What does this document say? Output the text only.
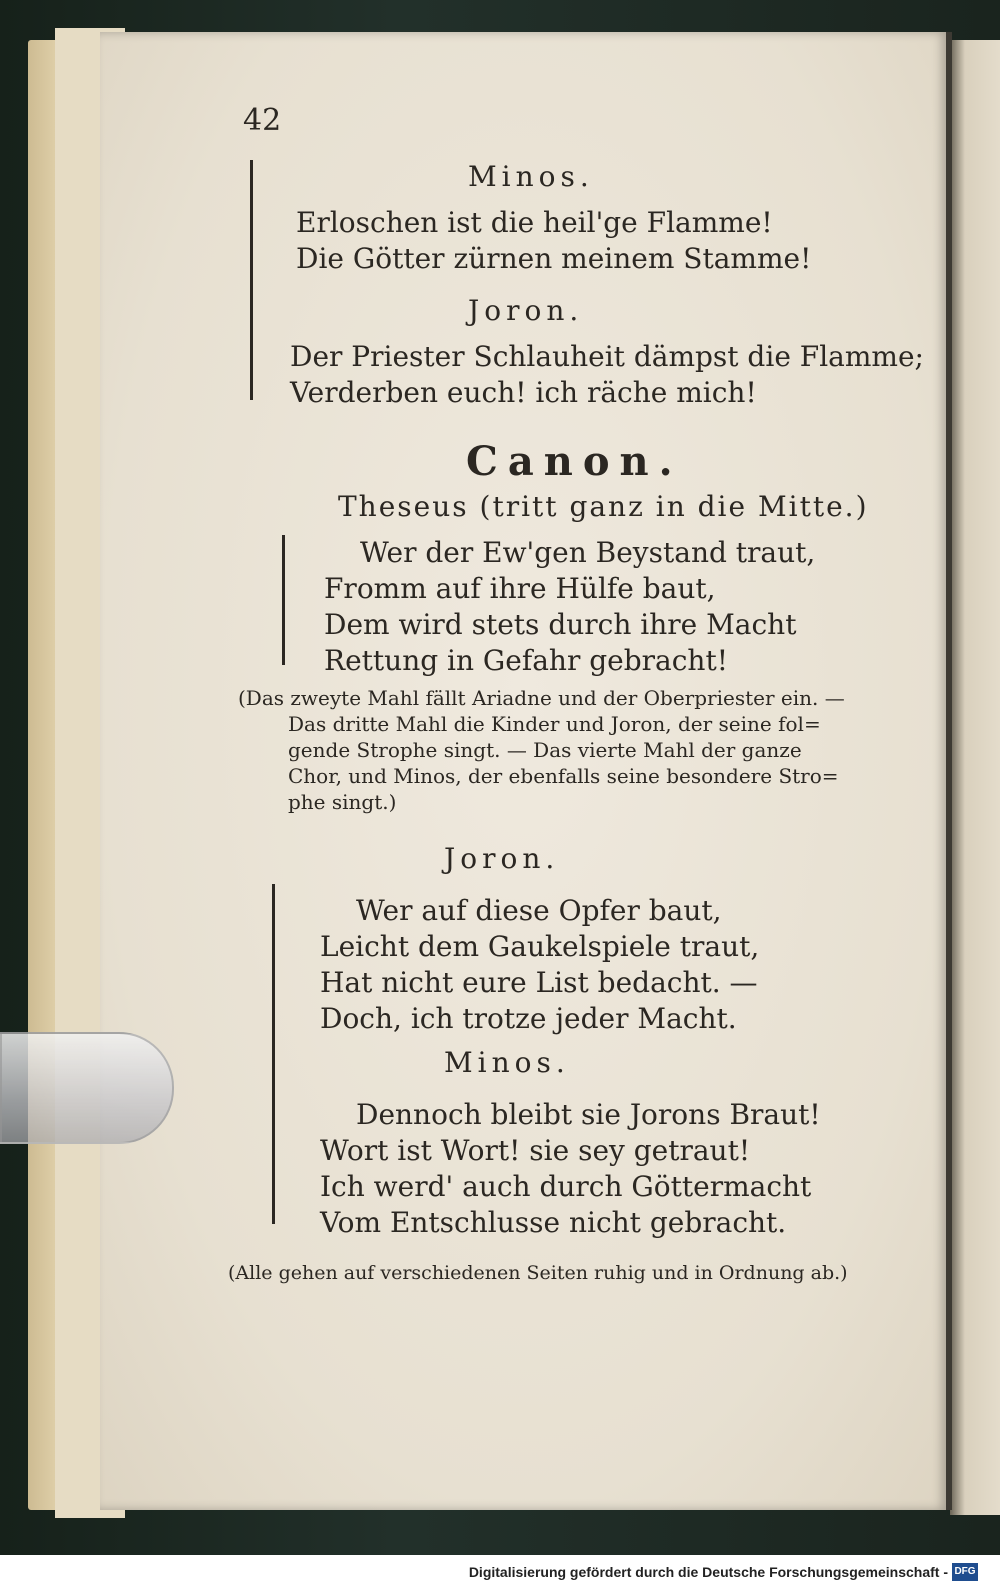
42
Minos.
Erloschen ist die heil'ge Flamme!
Die Götter zürnen meinem Stamme!
Joron.
Der Priester Schlauheit dämpst die Flamme;
Verderben euch! ich räche mich!
Canon.
Theseus (tritt ganz in die Mitte.)
Wer der Ew'gen Beystand traut,
Fromm auf ihre Hülfe baut,
Dem wird stets durch ihre Macht
Rettung in Gefahr gebracht!
(Das zweyte Mahl fällt Ariadne und der Oberpriester ein. —
Das dritte Mahl die Kinder und Joron, der seine fol=
gende Strophe singt. — Das vierte Mahl der ganze
Chor, und Minos, der ebenfalls seine besondere Stro=
phe singt.)
Joron.
Wer auf diese Opfer baut,
Leicht dem Gaukelspiele traut,
Hat nicht eure List bedacht. —
Doch, ich trotze jeder Macht.
Minos.
Dennoch bleibt sie Jorons Braut!
Wort ist Wort! sie sey getraut!
Ich werd' auch durch Göttermacht
Vom Entschlusse nicht gebracht.
(Alle gehen auf verschiedenen Seiten ruhig und in Ordnung ab.)
Digitalisierung gefördert durch die Deutsche Forschungsgemeinschaft - DFG
